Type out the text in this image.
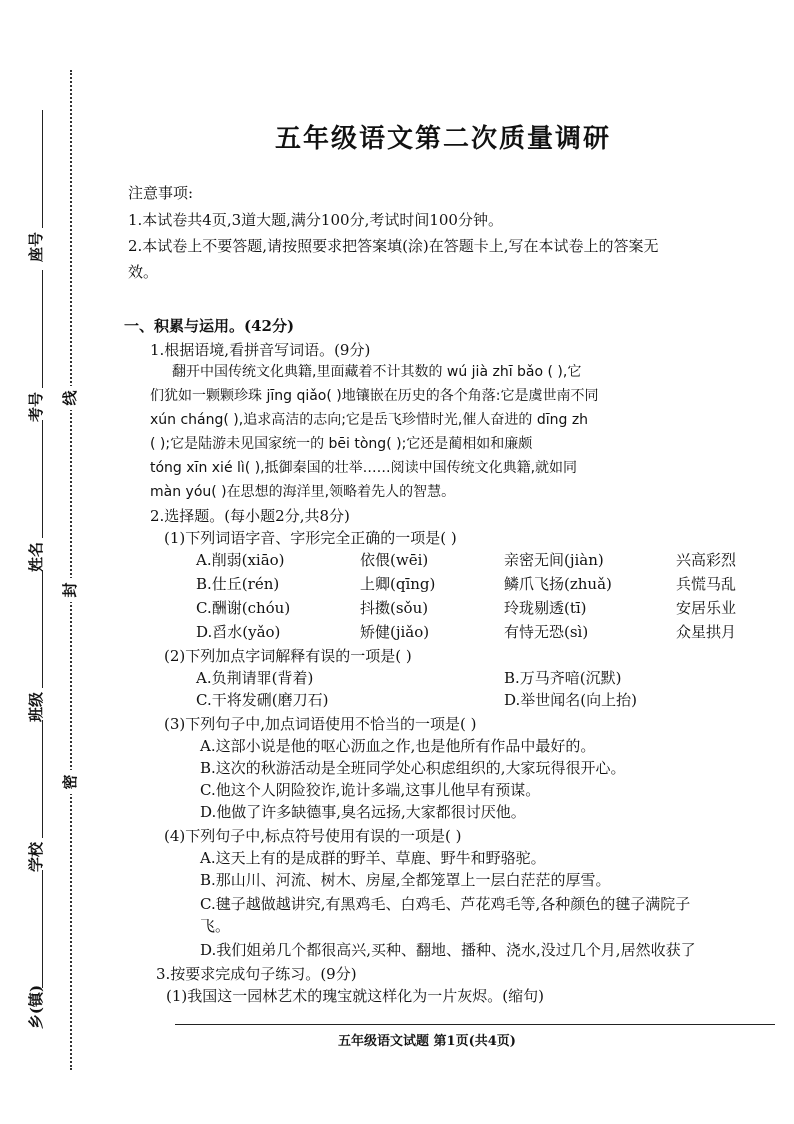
线
封
密
座号
考号
姓名
班级
学校
乡(镇)
五年级语文第二次质量调研
注意事项:
1.本试卷共4页,3道大题,满分100分,考试时间100分钟。
2.本试卷上不要答题,请按照要求把答案填(涂)在答题卡上,写在本试卷上的答案无
效。
一、积累与运用。(42分)
1.根据语境,看拼音写词语。(9分)
翻开中国传统文化典籍,里面藏着不计其数的 wú jià zhī bǎo ( ),它
们犹如一颗颗珍珠 jīng qiǎo( )地镶嵌在历史的各个角落:它是虞世南不同
xún cháng( ),追求高洁的志向;它是岳飞珍惜时光,催人奋进的 dīng zh
( );它是陆游未见国家统一的 bēi tòng( );它还是蔺相如和廉颇
tóng xīn xié lì( ),抵御秦国的壮举……阅读中国传统文化典籍,就如同
màn yóu( )在思想的海洋里,领略着先人的智慧。
2.选择题。(每小题2分,共8分)
(1)下列词语字音、字形完全正确的一项是( )
A.削弱(xiāo)	依偎(wēi)	亲密无间(jiàn)	兴高彩烈
B.仕丘(rén)	上卿(qīng)	鳞爪飞扬(zhuǎ)	兵慌马乱
C.酬谢(chóu)	抖擞(sǒu)	玲珑剔透(tī)	安居乐业
D.舀水(yǎo)	矫健(jiǎo)	有恃无恐(sì)	众星拱月
(2)下列加点字词解释有误的一项是( )
A.负荆请罪(背着)	B.万马齐喑(沉默)
C.干将发硎(磨刀石)	D.举世闻名(向上抬)
(3)下列句子中,加点词语使用不恰当的一项是( )
A.这部小说是他的呕心沥血之作,也是他所有作品中最好的。
B.这次的秋游活动是全班同学处心积虑组织的,大家玩得很开心。
C.他这个人阴险狡诈,诡计多端,这事儿他早有预谋。
D.他做了许多缺德事,臭名远扬,大家都很讨厌他。
(4)下列句子中,标点符号使用有误的一项是( )
A.这天上有的是成群的野羊、草鹿、野牛和野骆驼。
B.那山川、河流、树木、房屋,全都笼罩上一层白茫茫的厚雪。
C.毽子越做越讲究,有黑鸡毛、白鸡毛、芦花鸡毛等,各种颜色的毽子满院子
飞。
D.我们姐弟几个都很高兴,买种、翻地、播种、浇水,没过几个月,居然收获了
3.按要求完成句子练习。(9分)
(1)我国这一园林艺术的瑰宝就这样化为一片灰烬。(缩句)
五年级语文试题 第1页(共4页)
